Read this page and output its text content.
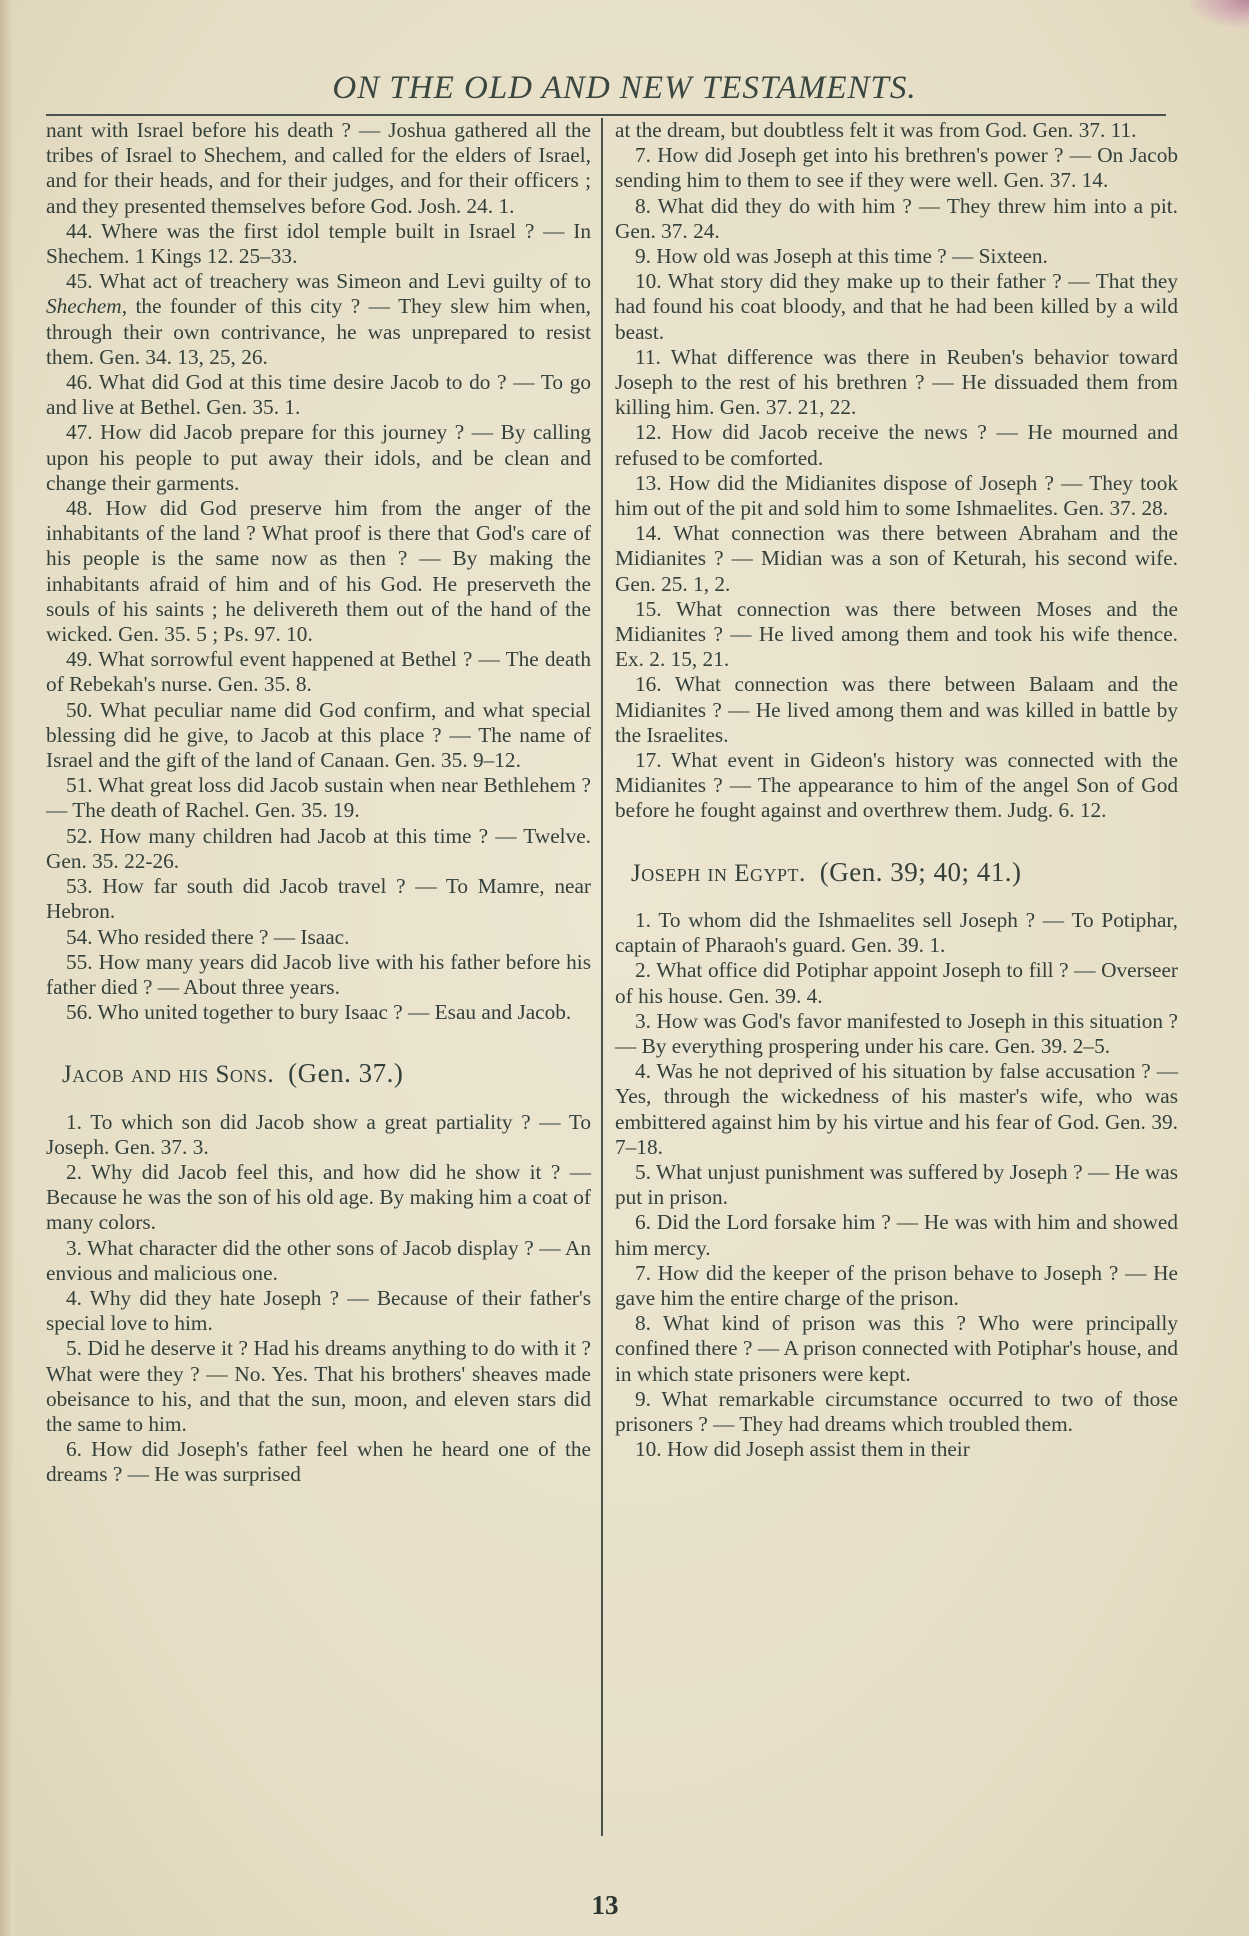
ON THE OLD AND NEW TESTAMENTS.

nant with Israel before his death ? — Joshua gathered all the tribes of Israel to Shechem, and called for the elders of Israel, and for their heads, and for their judges, and for their officers ; and they presented themselves before God. Josh. 24. 1.

44. Where was the first idol temple built in Israel ? — In Shechem. 1 Kings 12. 25–33.

45. What act of treachery was Simeon and Levi guilty of to Shechem, the founder of this city ? — They slew him when, through their own contrivance, he was unprepared to resist them. Gen. 34. 13, 25, 26.

46. What did God at this time desire Jacob to do ? — To go and live at Bethel. Gen. 35. 1.

47. How did Jacob prepare for this journey ? — By calling upon his people to put away their idols, and be clean and change their garments.

48. How did God preserve him from the anger of the inhabitants of the land ? What proof is there that God's care of his people is the same now as then ? — By making the inhabitants afraid of him and of his God. He preserveth the souls of his saints ; he delivereth them out of the hand of the wicked. Gen. 35. 5 ; Ps. 97. 10.

49. What sorrowful event happened at Bethel ? — The death of Rebekah's nurse. Gen. 35. 8.

50. What peculiar name did God confirm, and what special blessing did he give, to Jacob at this place ? — The name of Israel and the gift of the land of Canaan. Gen. 35. 9–12.

51. What great loss did Jacob sustain when near Bethlehem ? — The death of Rachel. Gen. 35. 19.

52. How many children had Jacob at this time ? — Twelve. Gen. 35. 22-26.

53. How far south did Jacob travel ? — To Mamre, near Hebron.

54. Who resided there ? — Isaac.

55. How many years did Jacob live with his father before his father died ? — About three years.

56. Who united together to bury Isaac ? — Esau and Jacob.

Jacob and his Sons. (Gen. 37.)

1. To which son did Jacob show a great partiality ? — To Joseph. Gen. 37. 3.

2. Why did Jacob feel this, and how did he show it ? — Because he was the son of his old age. By making him a coat of many colors.

3. What character did the other sons of Jacob display ? — An envious and malicious one.

4. Why did they hate Joseph ? — Because of their father's special love to him.

5. Did he deserve it ? Had his dreams anything to do with it ? What were they ? — No. Yes. That his brothers' sheaves made obeisance to his, and that the sun, moon, and eleven stars did the same to him.

6. How did Joseph's father feel when he heard one of the dreams ? — He was surprised

at the dream, but doubtless felt it was from God. Gen. 37. 11.

7. How did Joseph get into his brethren's power ? — On Jacob sending him to them to see if they were well. Gen. 37. 14.

8. What did they do with him ? — They threw him into a pit. Gen. 37. 24.

9. How old was Joseph at this time ? — Sixteen.

10. What story did they make up to their father ? — That they had found his coat bloody, and that he had been killed by a wild beast.

11. What difference was there in Reuben's behavior toward Joseph to the rest of his brethren ? — He dissuaded them from killing him. Gen. 37. 21, 22.

12. How did Jacob receive the news ? — He mourned and refused to be comforted.

13. How did the Midianites dispose of Joseph ? — They took him out of the pit and sold him to some Ishmaelites. Gen. 37. 28.

14. What connection was there between Abraham and the Midianites ? — Midian was a son of Keturah, his second wife. Gen. 25. 1, 2.

15. What connection was there between Moses and the Midianites ? — He lived among them and took his wife thence. Ex. 2. 15, 21.

16. What connection was there between Balaam and the Midianites ? — He lived among them and was killed in battle by the Israelites.

17. What event in Gideon's history was connected with the Midianites ? — The appearance to him of the angel Son of God before he fought against and overthrew them. Judg. 6. 12.

Joseph in Egypt. (Gen. 39; 40; 41.)

1. To whom did the Ishmaelites sell Joseph ? — To Potiphar, captain of Pharaoh's guard. Gen. 39. 1.

2. What office did Potiphar appoint Joseph to fill ? — Overseer of his house. Gen. 39. 4.

3. How was God's favor manifested to Joseph in this situation ? — By everything prospering under his care. Gen. 39. 2–5.

4. Was he not deprived of his situation by false accusation ? — Yes, through the wickedness of his master's wife, who was embittered against him by his virtue and his fear of God. Gen. 39. 7–18.

5. What unjust punishment was suffered by Joseph ? — He was put in prison.

6. Did the Lord forsake him ? — He was with him and showed him mercy.

7. How did the keeper of the prison behave to Joseph ? — He gave him the entire charge of the prison.

8. What kind of prison was this ? Who were principally confined there ? — A prison connected with Potiphar's house, and in which state prisoners were kept.

9. What remarkable circumstance occurred to two of those prisoners ? — They had dreams which troubled them.

10. How did Joseph assist them in their

13
